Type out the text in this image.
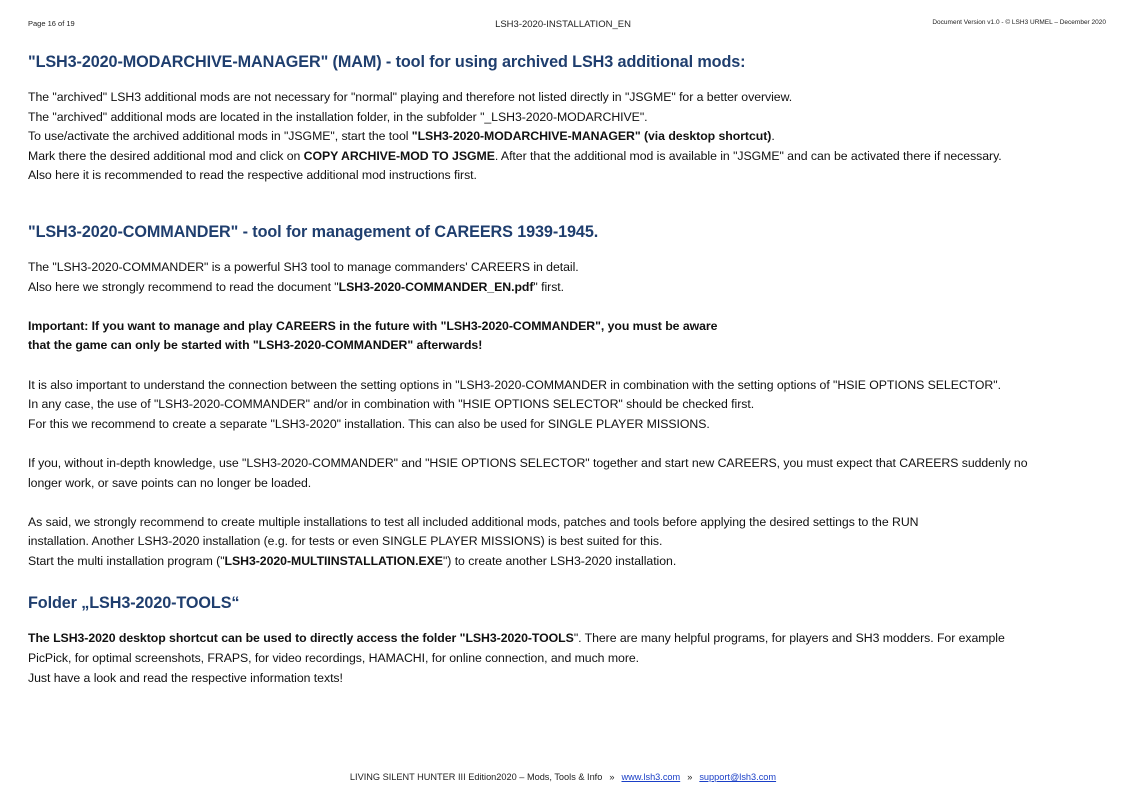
Page 16 of 19	LSH3-2020-INSTALLATION_EN	Document Version v1.0 - © LSH3 URMEL – December 2020
"LSH3-2020-MODARCHIVE-MANAGER" (MAM) - tool for using archived LSH3 additional mods:

The "archived" LSH3 additional mods are not necessary for "normal" playing and therefore not listed directly in "JSGME" for a better overview.

The "archived" additional mods are located in the installation folder, in the subfolder "_LSH3-2020-MODARCHIVE".

To use/activate the archived additional mods in "JSGME", start the tool "LSH3-2020-MODARCHIVE-MANAGER" (via desktop shortcut).

Mark there the desired additional mod and click on COPY ARCHIVE-MOD TO JSGME. After that the additional mod is available in "JSGME" and can be activated there if necessary.

Also here it is recommended to read the respective additional mod instructions first.

"LSH3-2020-COMMANDER" - tool for management of CAREERS 1939-1945.

The "LSH3-2020-COMMANDER" is a powerful SH3 tool to manage commanders' CAREERS in detail.

Also here we strongly recommend to read the document "LSH3-2020-COMMANDER_EN.pdf" first.

Important: If you want to manage and play CAREERS in the future with "LSH3-2020-COMMANDER", you must be aware

that the game can only be started with "LSH3-2020-COMMANDER" afterwards!

It is also important to understand the connection between the setting options in "LSH3-2020-COMMANDER in combination with the setting options of "HSIE OPTIONS SELECTOR".

In any case, the use of "LSH3-2020-COMMANDER" and/or in combination with "HSIE OPTIONS SELECTOR" should be checked first.

For this we recommend to create a separate "LSH3-2020" installation. This can also be used for SINGLE PLAYER MISSIONS.

If you, without in-depth knowledge, use "LSH3-2020-COMMANDER" and "HSIE OPTIONS SELECTOR" together and start new CAREERS, you must expect that CAREERS suddenly no

longer work, or save points can no longer be loaded.

As said, we strongly recommend to create multiple installations to test all included additional mods, patches and tools before applying the desired settings to the RUN

installation. Another LSH3-2020 installation (e.g. for tests or even SINGLE PLAYER MISSIONS) is best suited for this.

Start the multi installation program ("LSH3-2020-MULTIINSTALLATION.EXE") to create another LSH3-2020 installation.

Folder „LSH3-2020-TOOLS“

The LSH3-2020 desktop shortcut can be used to directly access the folder "LSH3-2020-TOOLS". There are many helpful programs, for players and SH3 modders. For example

PicPick, for optimal screenshots, FRAPS, for video recordings, HAMACHI, for online connection, and much more.

Just have a look and read the respective information texts!

LIVING SILENT HUNTER III Edition2020 – Mods, Tools & Info » www.lsh3.com » support@lsh3.com
